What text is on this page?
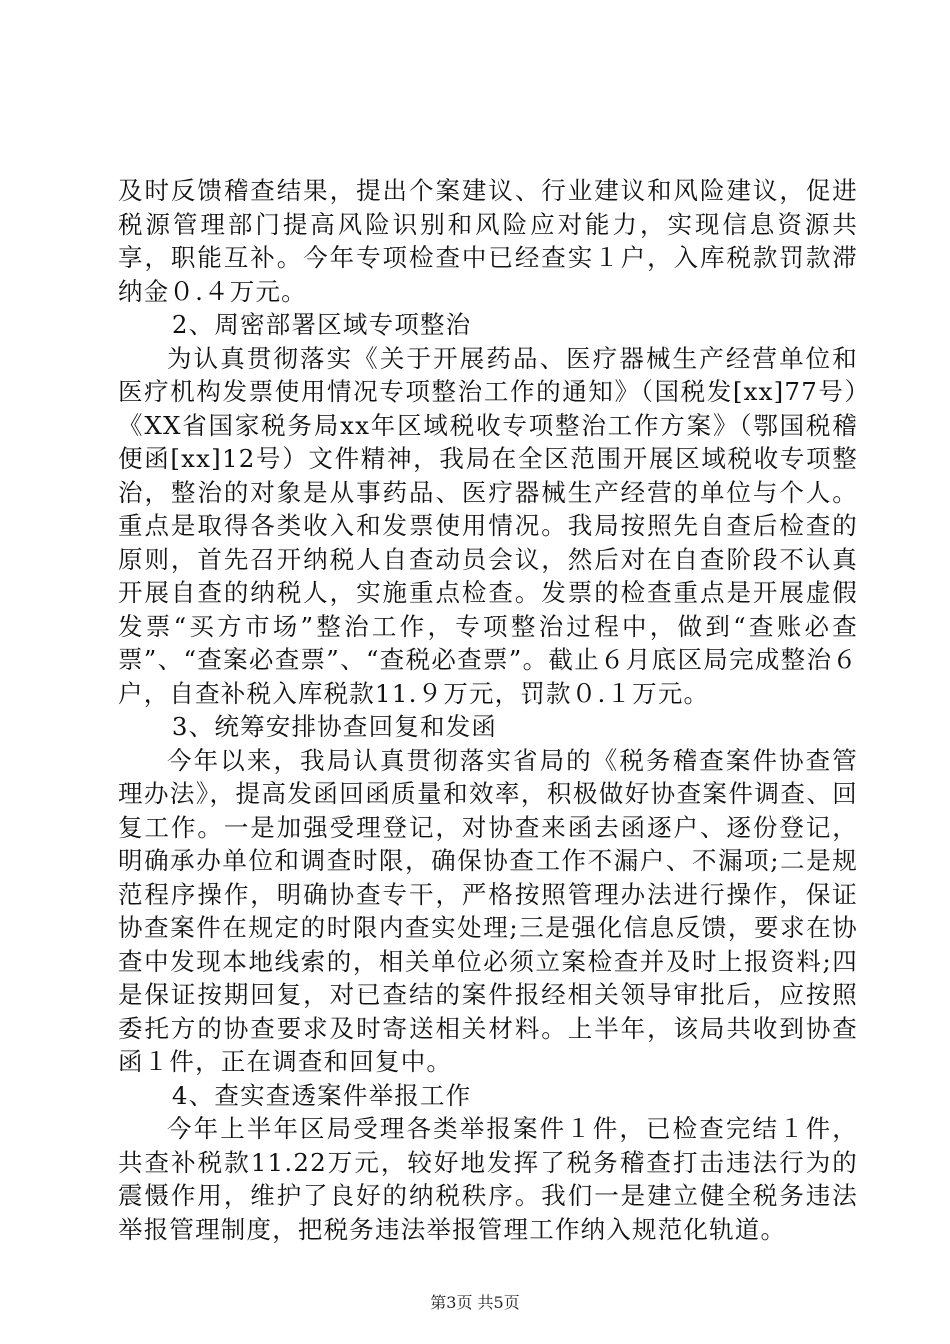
及时反馈稽查结果，提出个案建议、行业建议和风险建议，促进税源管理部门提高风险识别和风险应对能力，实现信息资源共享，职能互补。今年专项检查中已经查实１户，入库税款罚款滞纳金０.４万元。

2、周密部署区域专项整治

为认真贯彻落实《关于开展药品、医疗器械生产经营单位和医疗机构发票使用情况专项整治工作的通知》（国税发[xx]77号）《XX省国家税务局xx年区域税收专项整治工作方案》（鄂国税稽便函[xx]12号）文件精神，我局在全区范围开展区域税收专项整治，整治的对象是从事药品、医疗器械生产经营的单位与个人。重点是取得各类收入和发票使用情况。我局按照先自查后检查的原则，首先召开纳税人自查动员会议，然后对在自查阶段不认真开展自查的纳税人，实施重点检查。发票的检查重点是开展虚假发票“买方市场”整治工作，专项整治过程中，做到“查账必查票”、“查案必查票”、“查税必查票”。截止６月底区局完成整治６户，自查补税入库税款11.９万元，罚款０.１万元。

3、统筹安排协查回复和发函

今年以来，我局认真贯彻落实省局的《税务稽查案件协查管理办法》，提高发函回函质量和效率，积极做好协查案件调查、回复工作。一是加强受理登记，对协查来函去函逐户、逐份登记，明确承办单位和调查时限，确保协查工作不漏户、不漏项;二是规范程序操作，明确协查专干，严格按照管理办法进行操作，保证协查案件在规定的时限内查实处理;三是强化信息反馈，要求在协查中发现本地线索的，相关单位必须立案检查并及时上报资料;四是保证按期回复，对已查结的案件报经相关领导审批后，应按照委托方的协查要求及时寄送相关材料。上半年，该局共收到协查函１件，正在调查和回复中。

4、查实查透案件举报工作

今年上半年区局受理各类举报案件１件，已检查完结１件，共查补税款11.22万元，较好地发挥了税务稽查打击违法行为的震慑作用，维护了良好的纳税秩序。我们一是建立健全税务违法举报管理制度，把税务违法举报管理工作纳入规范化轨道。

第3页 共5页
